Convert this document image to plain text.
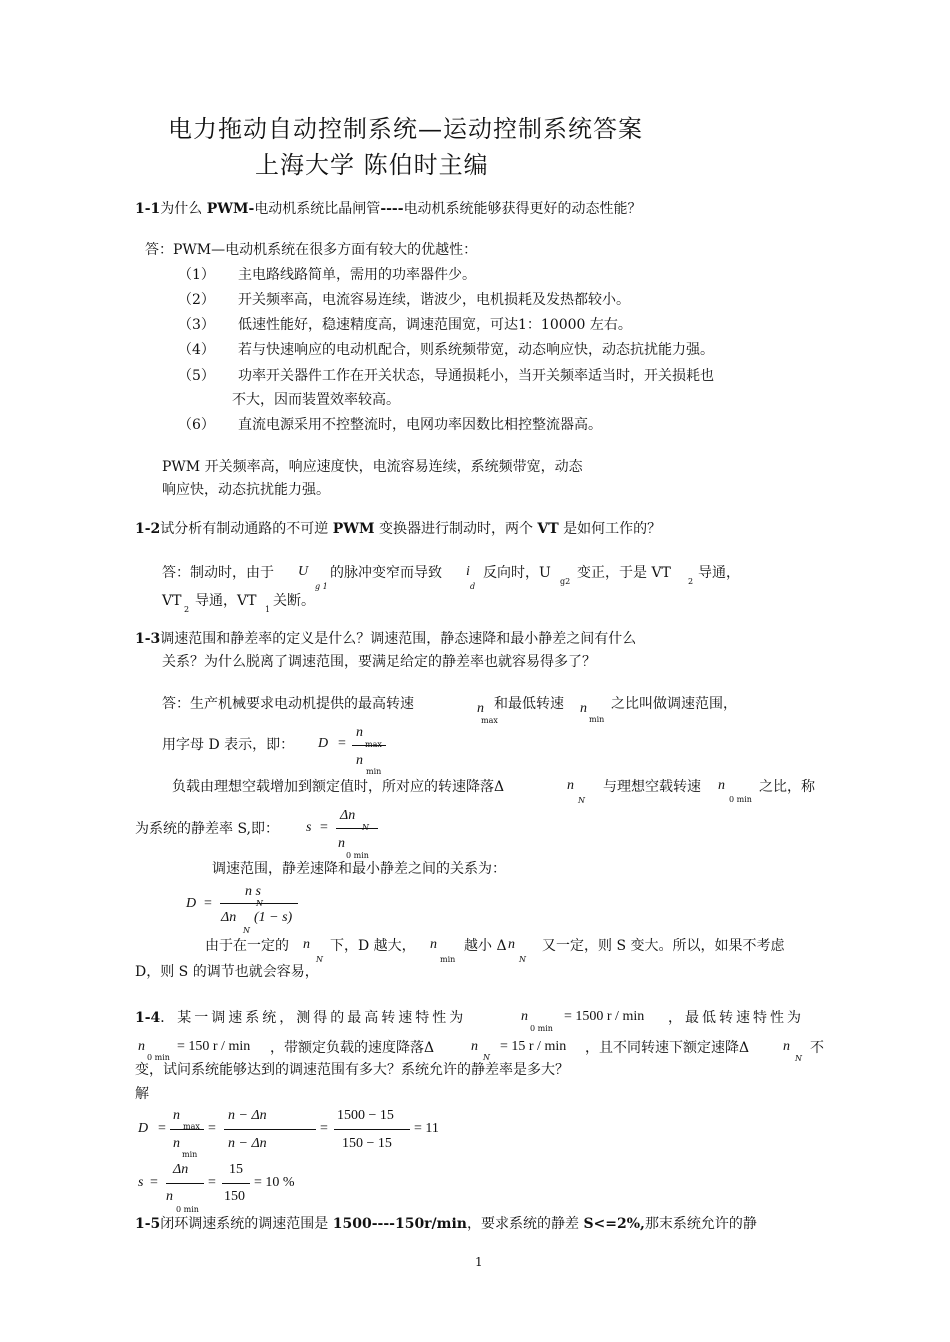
电力拖动自动控制系统—运动控制系统答案
上海大学 陈伯时主编
1-1为什么 PWM-电动机系统比晶闸管----电动机系统能够获得更好的动态性能？
答：PWM—电动机系统在很多方面有较大的优越性：
（1） 主电路线路简单，需用的功率器件少。
（2） 开关频率高，电流容易连续，谐波少，电机损耗及发热都较小。
（3） 低速性能好，稳速精度高，调速范围宽，可达1：10000 左右。
（4） 若与快速响应的电动机配合，则系统频带宽，动态响应快，动态抗扰能力强。
（5） 功率开关器件工作在开关状态，导通损耗小，当开关频率适当时，开关损耗也
不大，因而装置效率较高。
（6） 直流电源采用不控整流时，电网功率因数比相控整流器高。
PWM 开关频率高，响应速度快，电流容易连续，系统频带宽，动态
响应快，动态抗扰能力强。
1-2试分析有制动通路的不可逆 PWM 变换器进行制动时，两个 VT 是如何工作的？
答：制动时，由于 U
g 1
的脉冲变窄而导致 i
d
反向时，U
g2
变正，于是 VT
2
导通，
VT
2
导通，VT
1
关断。
1-3调速范围和静差率的定义是什么？调速范围，静态速降和最小静差之间有什么
关系？为什么脱离了调速范围，要满足给定的静差率也就容易得多了？
答：生产机械要求电动机提供的最高转速	n
max
和最低转速 n
min
之比叫做调速范围，
用字母 D 表示，即： D =
n
max
n
min
负载由理想空载增加到额定值时，所对应的转速降落Δ	n
N
与理想空载转速 n
0 min
之比，称
为系统的静差率 S,即： s =
Δn
N
n
0 min
调速范围，静差速降和最小静差之间的关系为：
D =
n s
N
Δn
N
(1 − s)
由于在一定的 n
N
下，D 越大， n
min
越小 Δ n
N
又一定，则 S 变大。所以，如果不考虑
D，则 S 的调节也就会容易，
1-4．某一调速系统，测得的最高转速特性为	n
0 min
= 1500 r / min ，最低转速特性为
n
0 min
= 150 r / min ，带额定负载的速度降落Δ	n
N
= 15 r / min ，且不同转速下额定速降Δ n
N
不
变，试问系统能够达到的调速范围有多大？系统允许的静差率是多大？
解
D =
n
max
n
min
=
n − Δn
n − Δn
=
1500 − 15
150 − 15
= 11
s =
Δn
n
0 min
=
15
150
= 10 %
1-5闭环调速系统的调速范围是 1500----150r/min，要求系统的静差 S<=2%,那末系统允许的静
1
